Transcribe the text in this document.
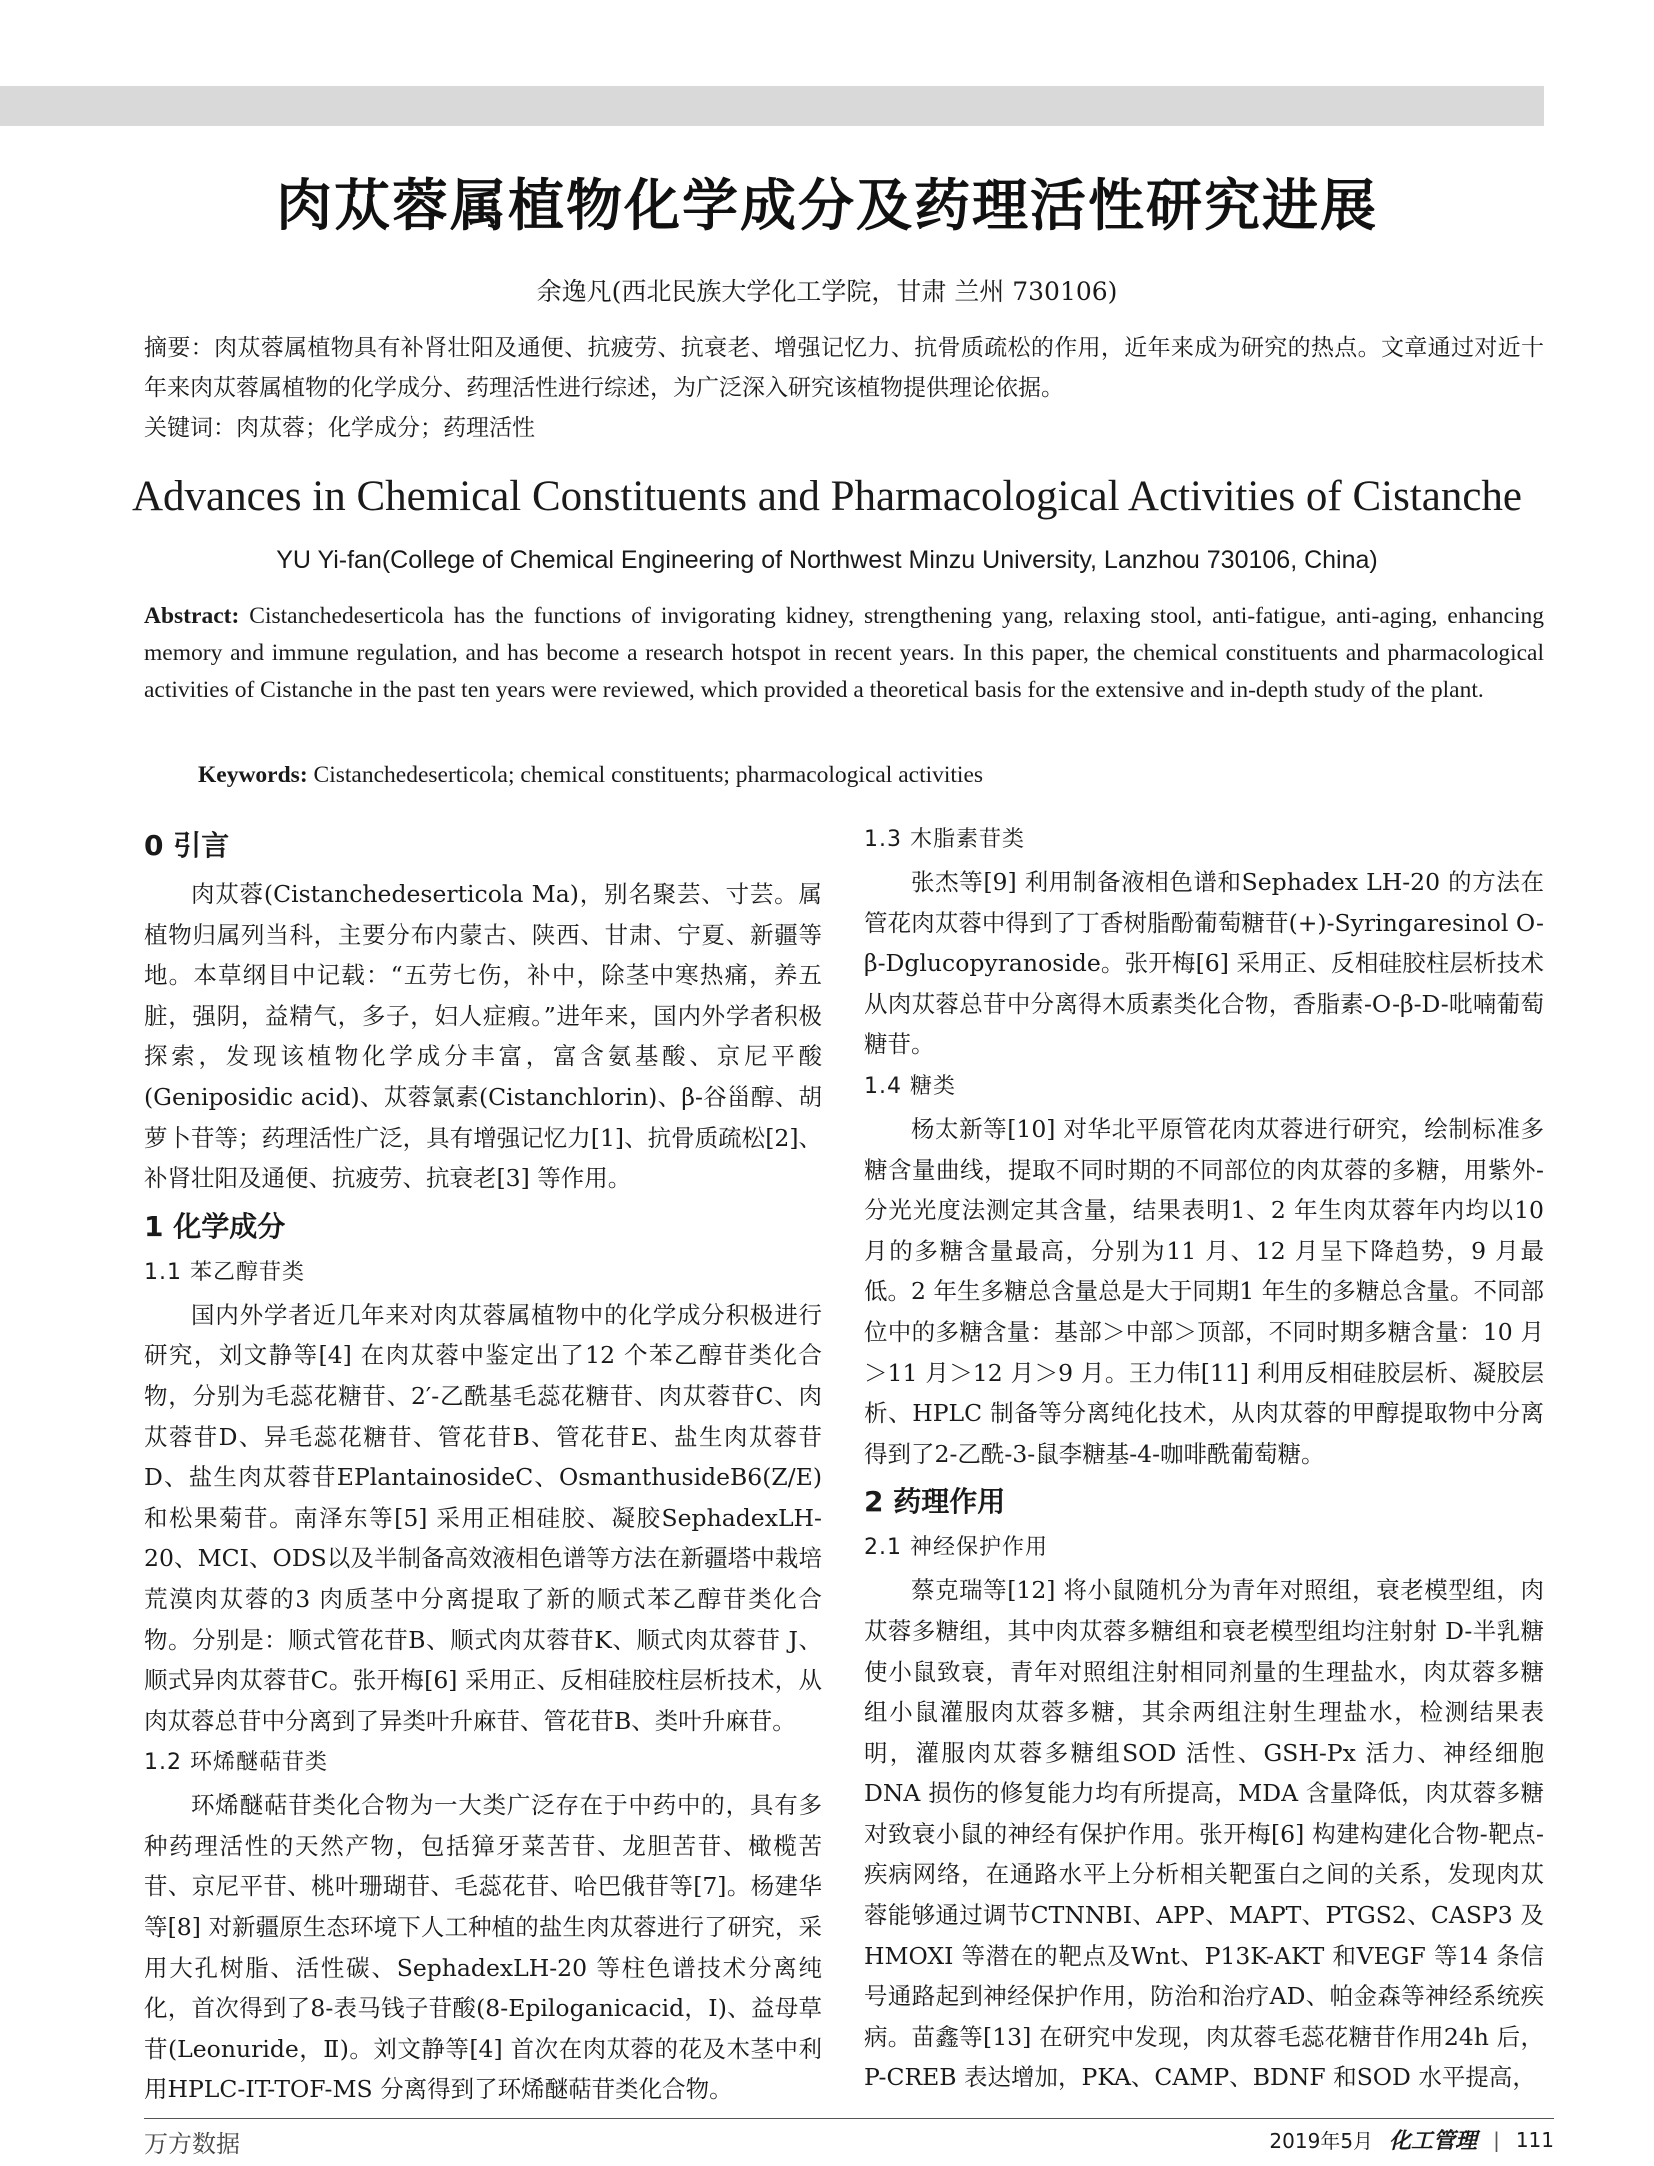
肉苁蓉属植物化学成分及药理活性研究进展
余逸凡(西北民族大学化工学院，甘肃 兰州 730106)
摘要：肉苁蓉属植物具有补肾壮阳及通便、抗疲劳、抗衰老、增强记忆力、抗骨质疏松的作用，近年来成为研究的热点。文章通过对近十年来肉苁蓉属植物的化学成分、药理活性进行综述，为广泛深入研究该植物提供理论依据。
关键词：肉苁蓉；化学成分；药理活性
Advances in Chemical Constituents and Pharmacological Activities of Cistanche
YU Yi-fan(College of Chemical Engineering of Northwest Minzu University, Lanzhou 730106, China)
Abstract: Cistanchedeserticola has the functions of invigorating kidney, strengthening yang, relaxing stool, anti-fatigue, anti-aging, enhancing memory and immune regulation, and has become a research hotspot in recent years. In this paper, the chemical constituents and pharmacological activities of Cistanche in the past ten years were reviewed, which provided a theoretical basis for the extensive and in-depth study of the plant.
Keywords: Cistanchedeserticola; chemical constituents; pharmacological activities
0 引言

肉苁蓉(Cistanchedeserticola Ma)，别名聚芸、寸芸。属植物归属列当科，主要分布内蒙古、陕西、甘肃、宁夏、新疆等地。本草纲目中记载：“五劳七伤，补中，除茎中寒热痛，养五脏，强阴，益精气，多子，妇人症瘕。”进年来，国内外学者积极探索，发现该植物化学成分丰富，富含氨基酸、京尼平酸(Geniposidic acid)、苁蓉氯素(Cistanchlorin)、β-谷甾醇、胡萝卜苷等；药理活性广泛，具有增强记忆力[1]、抗骨质疏松[2]、补肾壮阳及通便、抗疲劳、抗衰老[3] 等作用。

1 化学成分
1.1 苯乙醇苷类

国内外学者近几年来对肉苁蓉属植物中的化学成分积极进行研究，刘文静等[4] 在肉苁蓉中鉴定出了12 个苯乙醇苷类化合物，分别为毛蕊花糖苷、2′-乙酰基毛蕊花糖苷、肉苁蓉苷C、肉苁蓉苷D、异毛蕊花糖苷、管花苷B、管花苷E、盐生肉苁蓉苷D、盐生肉苁蓉苷EPlantainosideC、OsmanthusideB6(Z/E) 和松果菊苷。南泽东等[5] 采用正相硅胶、凝胶SephadexLH-20、MCI、ODS以及半制备高效液相色谱等方法在新疆塔中栽培荒漠肉苁蓉的3 肉质茎中分离提取了新的顺式苯乙醇苷类化合物。分别是：顺式管花苷B、顺式肉苁蓉苷K、顺式肉苁蓉苷 J、顺式异肉苁蓉苷C。张开梅[6] 采用正、反相硅胶柱层析技术，从肉苁蓉总苷中分离到了异类叶升麻苷、管花苷B、类叶升麻苷。

1.2 环烯醚萜苷类

环烯醚萜苷类化合物为一大类广泛存在于中药中的，具有多种药理活性的天然产物，包括獐牙菜苦苷、龙胆苦苷、橄榄苦苷、京尼平苷、桃叶珊瑚苷、毛蕊花苷、哈巴俄苷等[7]。杨建华等[8] 对新疆原生态环境下人工种植的盐生肉苁蓉进行了研究，采用大孔树脂、活性碳、SephadexLH-20 等柱色谱技术分离纯化，首次得到了8-表马钱子苷酸(8-Epiloganicacid，Ⅰ)、益母草苷(Leonuride，Ⅱ)。刘文静等[4] 首次在肉苁蓉的花及木茎中利用HPLC-IT-TOF-MS 分离得到了环烯醚萜苷类化合物。

1.3 木脂素苷类

张杰等[9] 利用制备液相色谱和Sephadex LH-20 的方法在管花肉苁蓉中得到了丁香树脂酚葡萄糖苷(+)-Syringaresinol O-β-Dglucopyranoside。张开梅[6] 采用正、反相硅胶柱层析技术从肉苁蓉总苷中分离得木质素类化合物，香脂素-O-β-D-吡喃葡萄糖苷。

1.4 糖类

杨太新等[10] 对华北平原管花肉苁蓉进行研究，绘制标准多糖含量曲线，提取不同时期的不同部位的肉苁蓉的多糖，用紫外-分光光度法测定其含量，结果表明1、2 年生肉苁蓉年内均以10 月的多糖含量最高，分别为11 月、12 月呈下降趋势，9 月最低。2 年生多糖总含量总是大于同期1 年生的多糖总含量。不同部位中的多糖含量：基部＞中部＞顶部，不同时期多糖含量：10 月＞11 月＞12 月＞9 月。王力伟[11] 利用反相硅胶层析、凝胶层析、HPLC 制备等分离纯化技术，从肉苁蓉的甲醇提取物中分离得到了2-乙酰-3-鼠李糖基-4-咖啡酰葡萄糖。

2 药理作用
2.1 神经保护作用

蔡克瑞等[12] 将小鼠随机分为青年对照组，衰老模型组，肉苁蓉多糖组，其中肉苁蓉多糖组和衰老模型组均注射射 D-半乳糖使小鼠致衰，青年对照组注射相同剂量的生理盐水，肉苁蓉多糖组小鼠灌服肉苁蓉多糖，其余两组注射生理盐水，检测结果表明，灌服肉苁蓉多糖组SOD 活性、GSH-Px 活力、神经细胞 DNA 损伤的修复能力均有所提高，MDA 含量降低，肉苁蓉多糖对致衰小鼠的神经有保护作用。张开梅[6] 构建构建化合物-靶点-疾病网络，在通路水平上分析相关靶蛋白之间的关系，发现肉苁蓉能够通过调节CTNNBI、APP、MAPT、PTGS2、CASP3 及HMOXI 等潜在的靶点及Wnt、P13K-AKT 和VEGF 等14 条信号通路起到神经保护作用，防治和治疗AD、帕金森等神经系统疾病。苗鑫等[13] 在研究中发现，肉苁蓉毛蕊花糖苷作用24h 后，P-CREB 表达增加，PKA、CAMP、BDNF 和SOD 水平提高，

万方数据	2019年5月 化工管理 | 111
